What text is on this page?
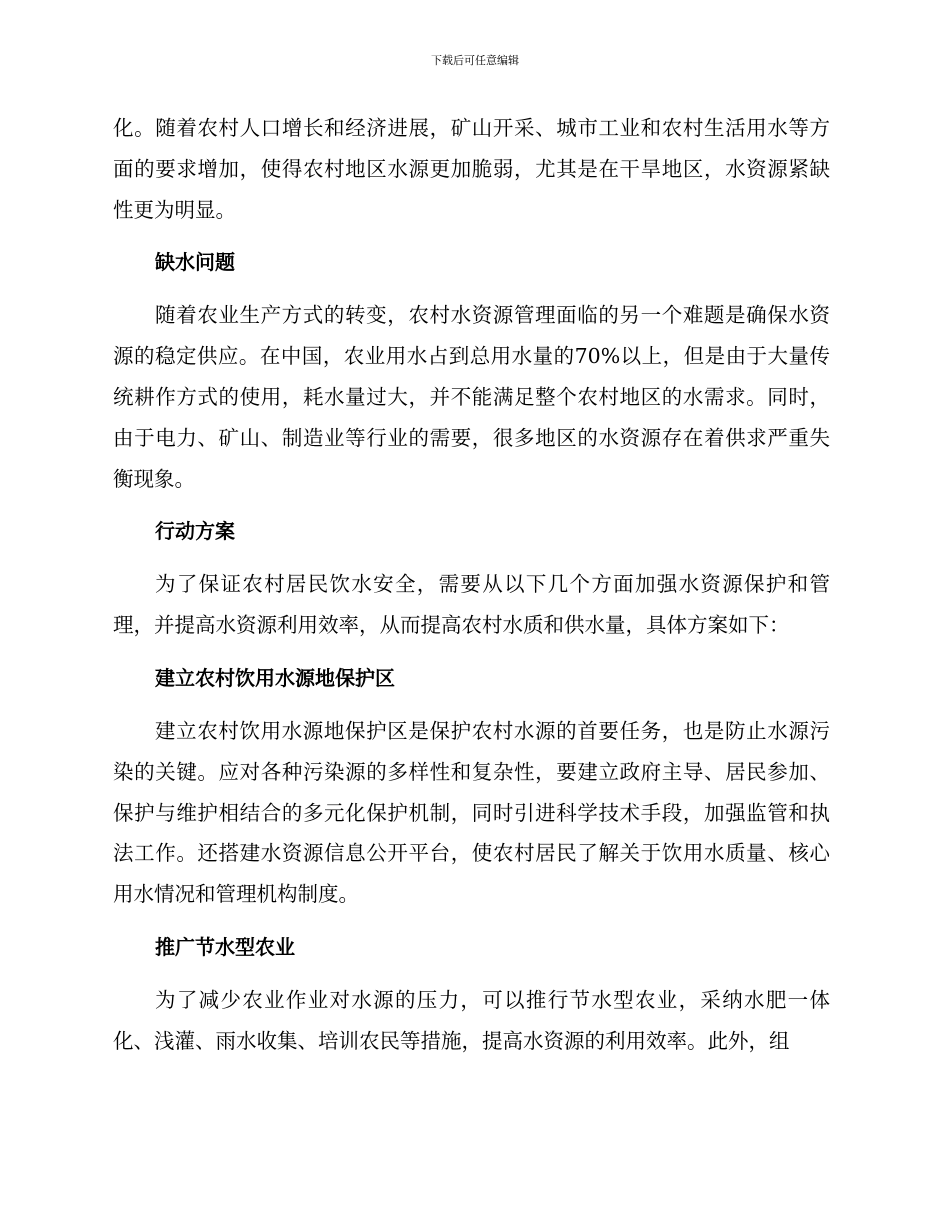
下载后可任意编辑

化。随着农村人口增长和经济进展，矿山开采、城市工业和农村生活用水等方面的要求增加，使得农村地区水源更加脆弱，尤其是在干旱地区，水资源紧缺性更为明显。

缺水问题

随着农业生产方式的转变，农村水资源管理面临的另一个难题是确保水资源的稳定供应。在中国，农业用水占到总用水量的70%以上，但是由于大量传统耕作方式的使用，耗水量过大，并不能满足整个农村地区的水需求。同时，由于电力、矿山、制造业等行业的需要，很多地区的水资源存在着供求严重失衡现象。

行动方案

为了保证农村居民饮水安全，需要从以下几个方面加强水资源保护和管理，并提高水资源利用效率，从而提高农村水质和供水量，具体方案如下：

建立农村饮用水源地保护区

建立农村饮用水源地保护区是保护农村水源的首要任务，也是防止水源污染的关键。应对各种污染源的多样性和复杂性，要建立政府主导、居民参加、保护与维护相结合的多元化保护机制，同时引进科学技术手段，加强监管和执法工作。还搭建水资源信息公开平台，使农村居民了解关于饮用水质量、核心用水情况和管理机构制度。

推广节水型农业

为了减少农业作业对水源的压力，可以推行节水型农业，采纳水肥一体化、浅灌、雨水收集、培训农民等措施，提高水资源的利用效率。此外，组
